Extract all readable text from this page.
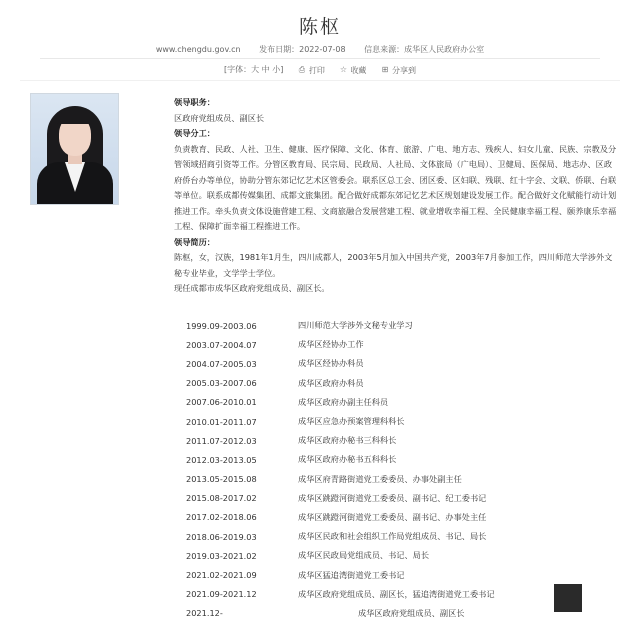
陈枢
www.chengdu.gov.cn 发布日期：2022-07-08 信息来源：成华区人民政府办公室
[字体：大 中 小]
⎙ 打印
☆ 收藏
⊞ 分享到

领导职务：

区政府党组成员、副区长

领导分工：

负责教育、民政、人社、卫生、健康、医疗保障、文化、体育、旅游、广电、地方志、残疾人、妇女儿童、民族、宗教及分管领域招商引资等工作。分管区教育局、民宗局、民政局、人社局、文体旅局（广电局）、卫健局、医保局、地志办、区政府侨台办等单位，协助分管东郊记忆艺术区管委会。联系区总工会、团区委、区妇联、残联、红十字会、文联、侨联、台联等单位。联系成都传媒集团、成都文旅集团。配合做好成都东郊记忆艺术区规划建设发展工作。配合做好文化赋能行动计划推进工作。牵头负责文体设施营建工程、文商旅融合发展营建工程、就业增收幸福工程、全民健康幸福工程、颐养康乐幸福工程、保障扩面幸福工程推进工作。

领导简历：

陈枢，女，汉族，1981年1月生，四川成都人，2003年5月加入中国共产党，2003年7月参加工作，四川师范大学涉外文秘专业毕业，文学学士学位。

现任成都市成华区政府党组成员、副区长。

1999.09-2003.06	四川师范大学涉外文秘专业学习
2003.07-2004.07	成华区经协办工作
2004.07-2005.03	成华区经协办科员
2005.03-2007.06	成华区政府办科员
2007.06-2010.01	成华区政府办副主任科员
2010.01-2011.07	成华区应急办预案管理科科长
2011.07-2012.03	成华区政府办秘书三科科长
2012.03-2013.05	成华区政府办秘书五科科长
2013.05-2015.08	成华区府青路街道党工委委员、办事处副主任
2015.08-2017.02	成华区跳蹬河街道党工委委员、副书记、纪工委书记
2017.02-2018.06	成华区跳蹬河街道党工委委员、副书记、办事处主任
2018.06-2019.03	成华区民政和社会组织工作局党组成员、书记、局长
2019.03-2021.02	成华区民政局党组成员、书记、局长
2021.02-2021.09	成华区猛追湾街道党工委书记
2021.09-2021.12	成华区政府党组成员、副区长，猛追湾街道党工委书记
2021.12-	成华区政府党组成员、副区长
